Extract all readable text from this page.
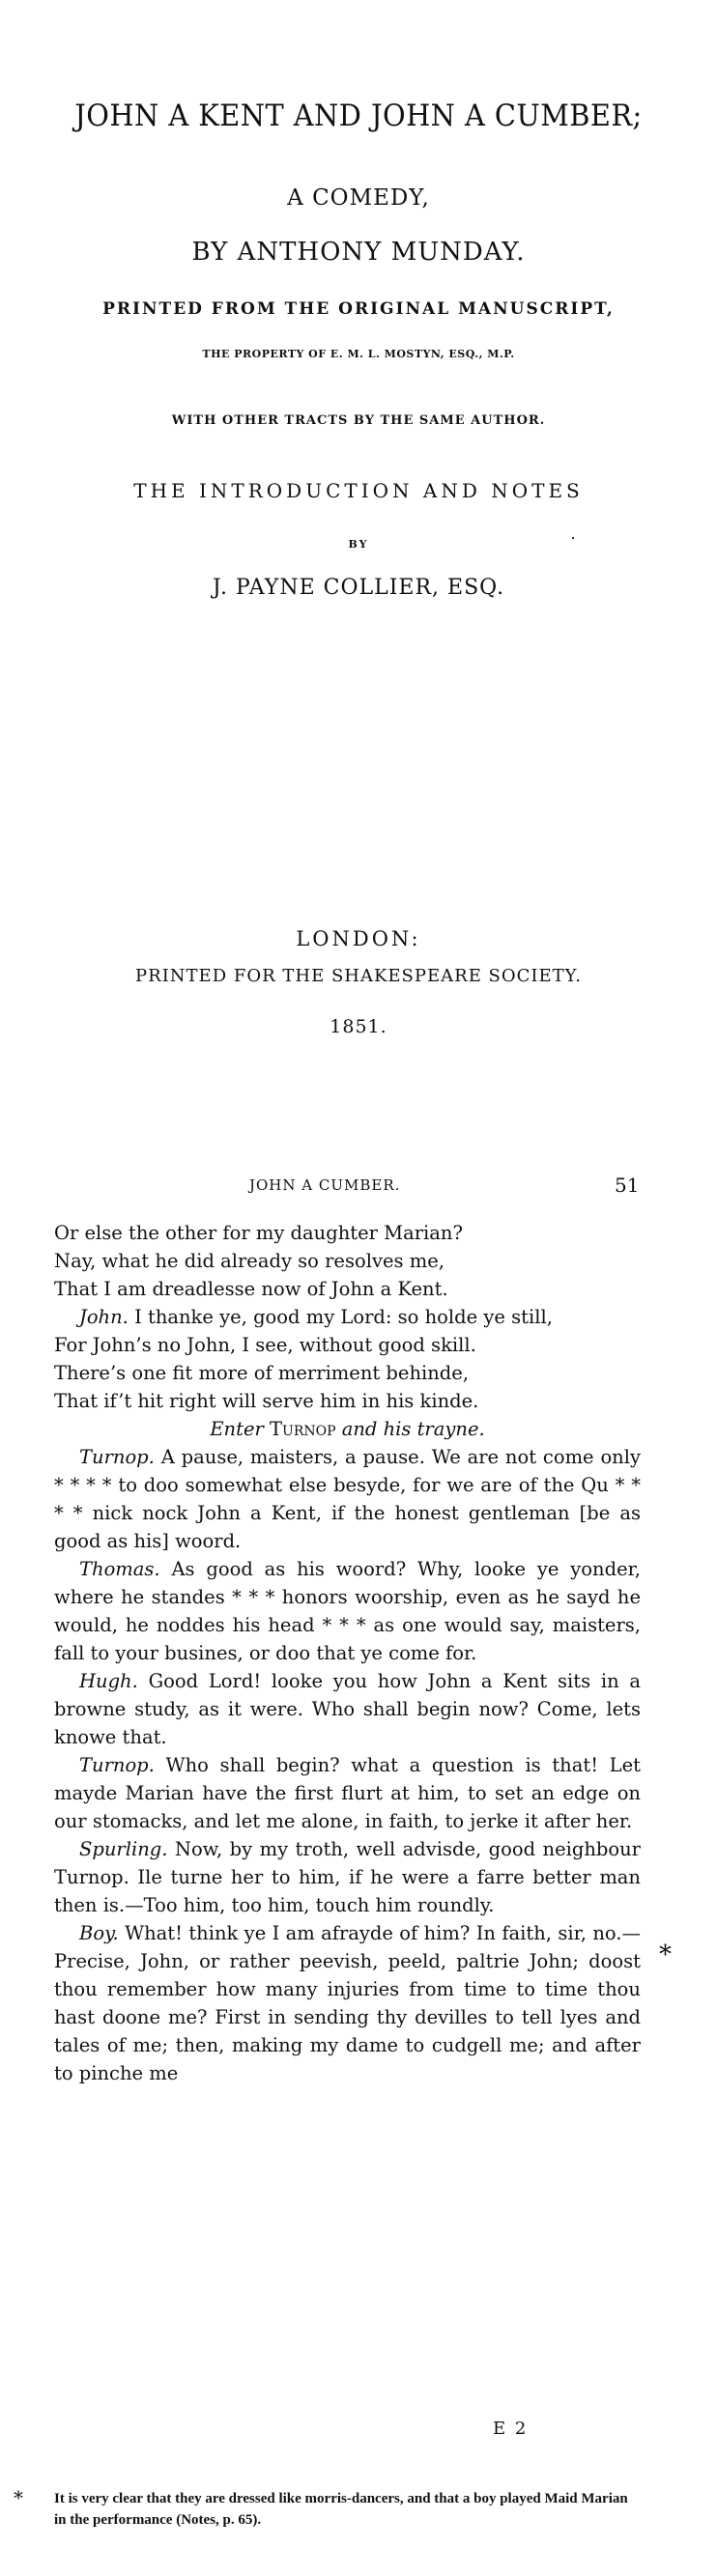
JOHN A KENT AND JOHN A CUMBER;
A COMEDY,
BY ANTHONY MUNDAY.
PRINTED FROM THE ORIGINAL MANUSCRIPT,
THE PROPERTY OF E. M. L. MOSTYN, ESQ., M.P.
WITH OTHER TRACTS BY THE SAME AUTHOR.
THE INTRODUCTION AND NOTES
BY
J. PAYNE COLLIER, ESQ.
LONDON:
PRINTED FOR THE SHAKESPEARE SOCIETY.
1851.
JOHN A CUMBER.	51

Or else the other for my daughter Marian?

Nay, what he did already so resolves me,

That I am dreadlesse now of John a Kent.

John. I thanke ye, good my Lord: so holde ye still,

For John’s no John, I see, without good skill.

There’s one fit more of merriment behinde,

That if’t hit right will serve him in his kinde.

Enter Turnop and his trayne.

Turnop. A pause, maisters, a pause. We are not come only * * * * to doo somewhat else besyde, for we are of the Qu * * * * nick nock John a Kent, if the honest gentleman [be as good as his] woord.

Thomas. As good as his woord? Why, looke ye yonder, where he standes * * * honors woorship, even as he sayd he would, he noddes his head * * * as one would say, maisters, fall to your busines, or doo that ye come for.

Hugh. Good Lord! looke you how John a Kent sits in a browne study, as it were. Who shall begin now? Come, lets knowe that.

Turnop. Who shall begin? what a question is that! Let mayde Marian have the first flurt at him, to set an edge on our stomacks, and let me alone, in faith, to jerke it after her.

Spurling. Now, by my troth, well advisde, good neighbour Turnop. Ile turne her to him, if he were a farre better man then is.—Too him, too him, touch him roundly.

Boy. What! think ye I am afrayde of him? In faith, sir, no.—Precise, John, or rather peevish, peeld, paltrie John; doost thou remember how many injuries from time to time thou hast doone me? First in sending thy devilles to tell lyes and tales of me; then, making my dame to cudgell me; and after to pinche me

*
E 2
* It is very clear that they are dressed like morris-dancers, and that a boy played Maid Marian in the performance (Notes, p. 65).
